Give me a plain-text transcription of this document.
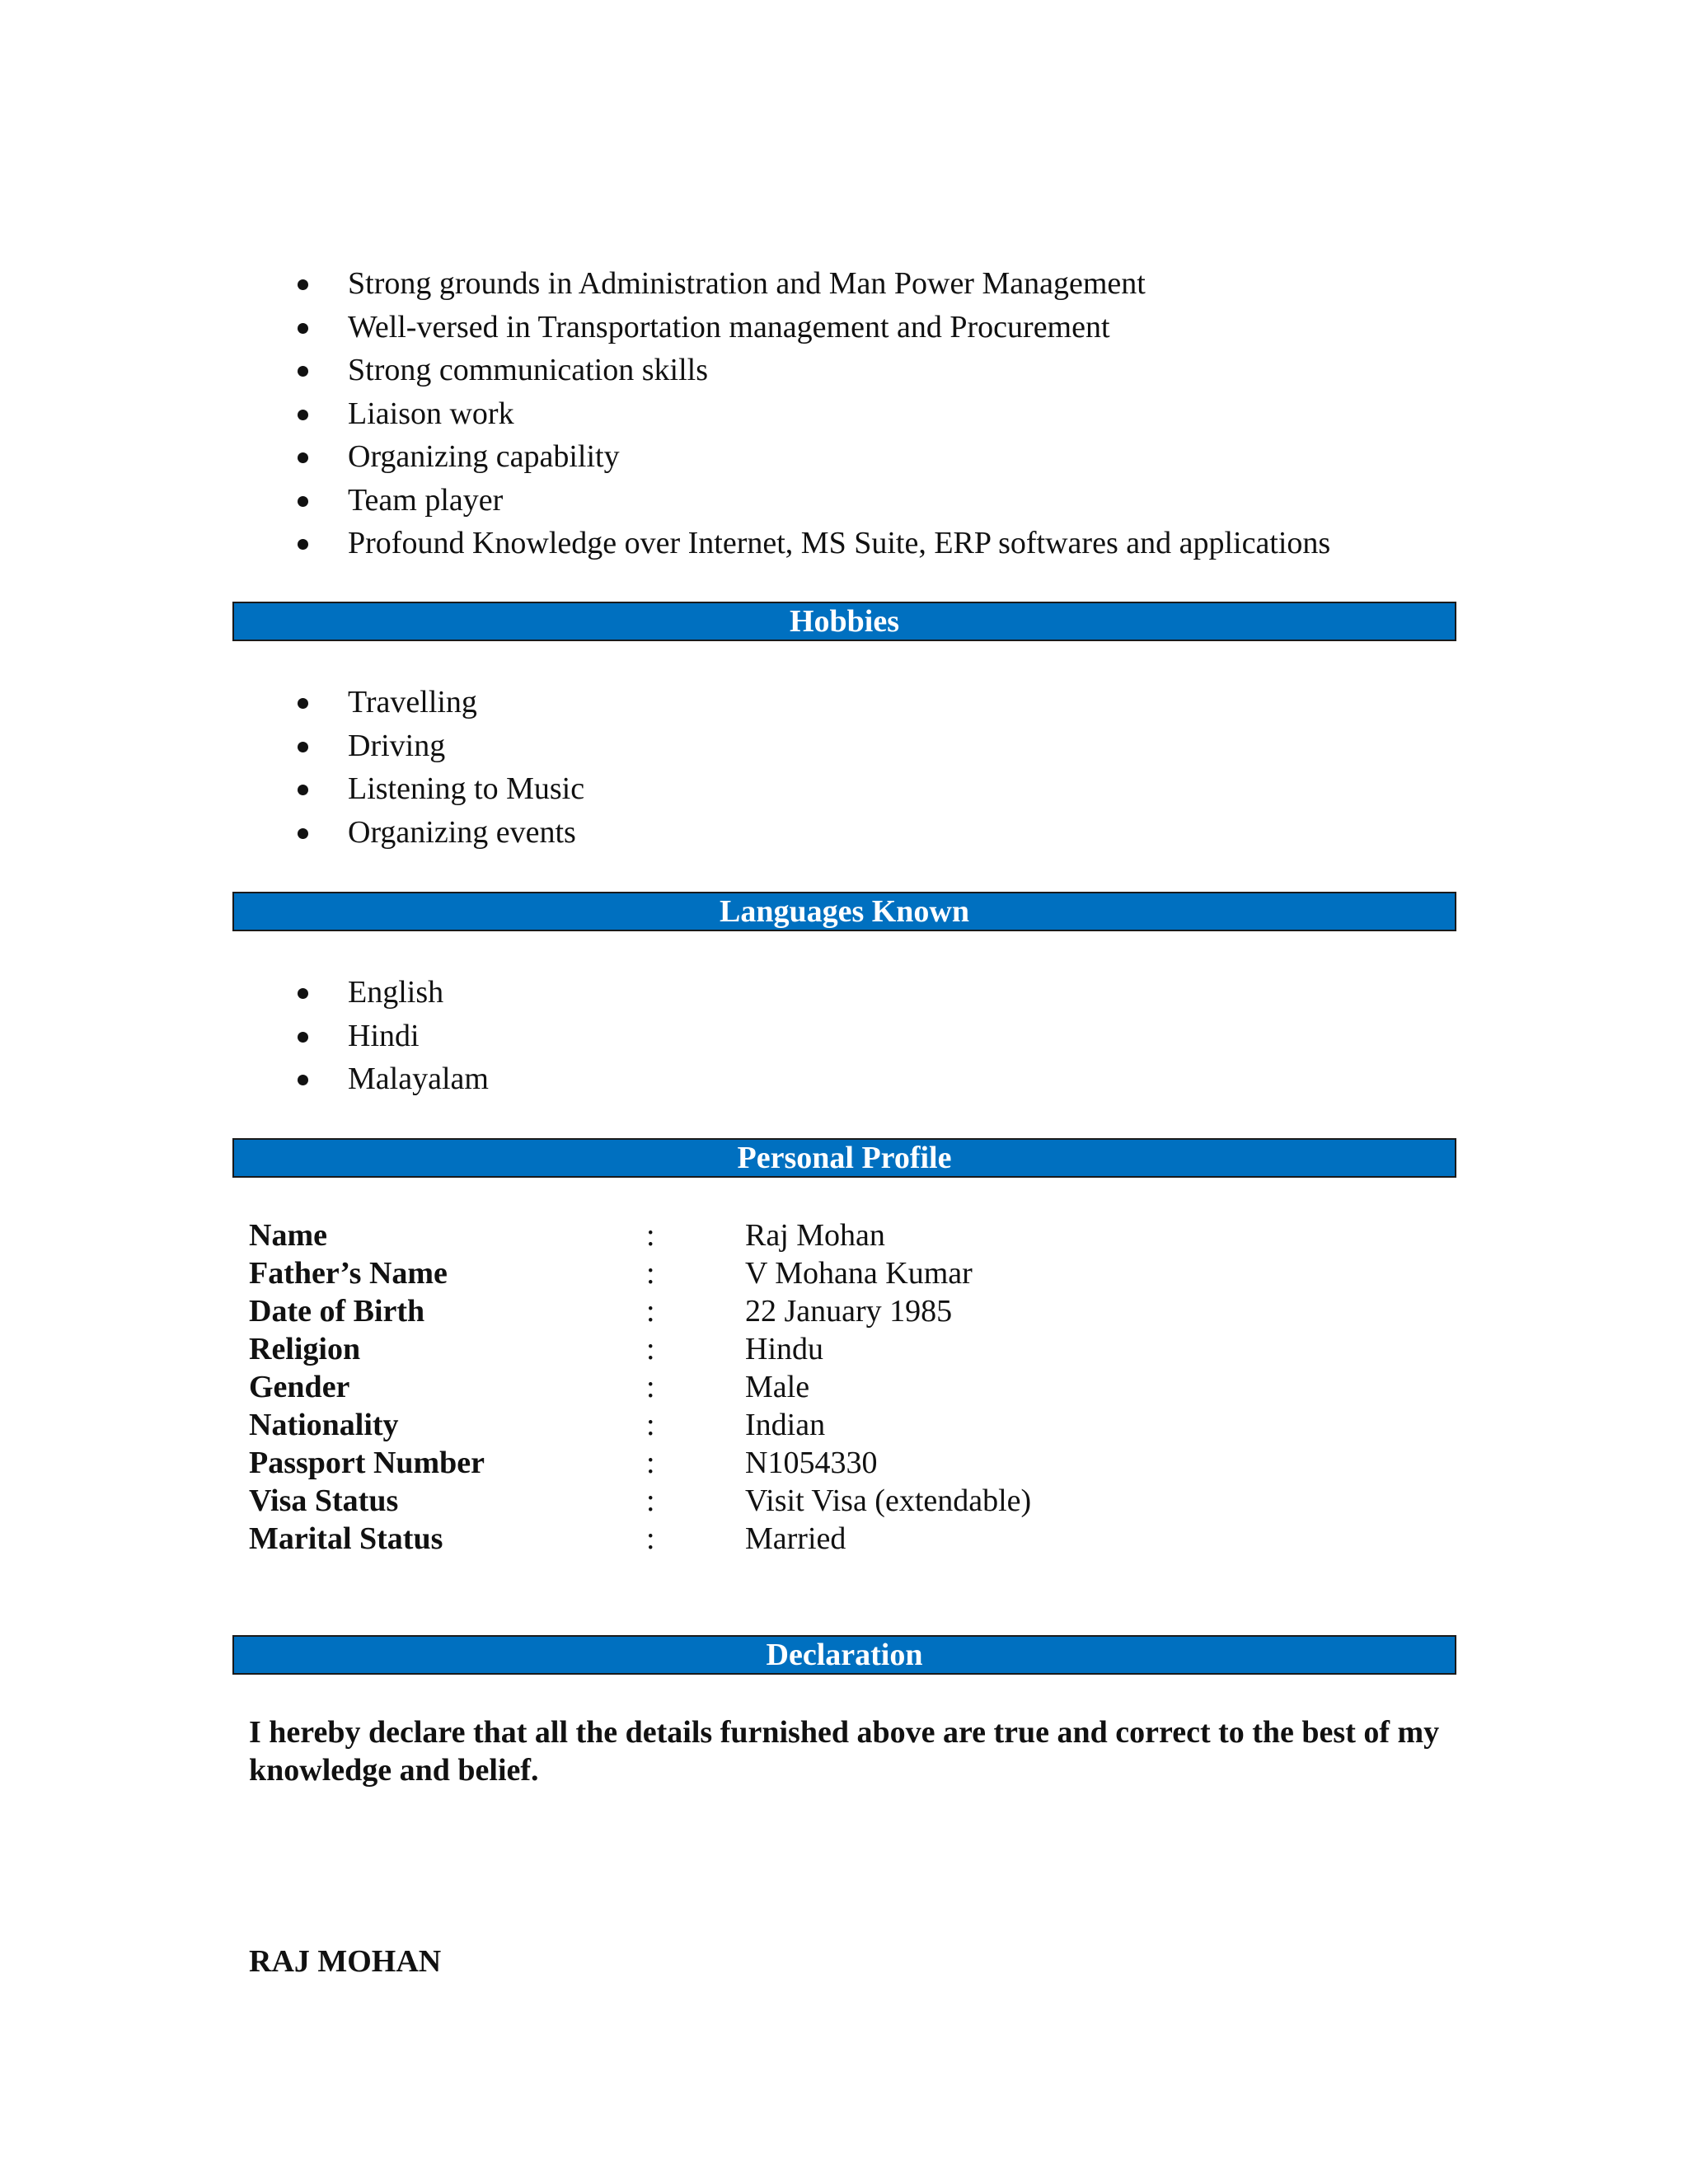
Strong grounds in Administration and Man Power Management
Well-versed in Transportation management and Procurement
Strong communication skills
Liaison work
Organizing capability
Team player
Profound Knowledge over Internet, MS Suite, ERP softwares and applications
Hobbies
Travelling
Driving
Listening to Music
Organizing events
Languages Known
English
Hindi
Malayalam
Personal Profile
Name	:	Raj Mohan
Father’s Name	:	V Mohana Kumar
Date of Birth	:	22 January 1985
Religion	:	Hindu
Gender	:	Male
Nationality	:	Indian
Passport Number	:	N1054330
Visa Status	:	Visit Visa (extendable)
Marital Status	:	Married
Declaration

I hereby declare that all the details furnished above are true and correct to the best of my knowledge and belief.

RAJ MOHAN
